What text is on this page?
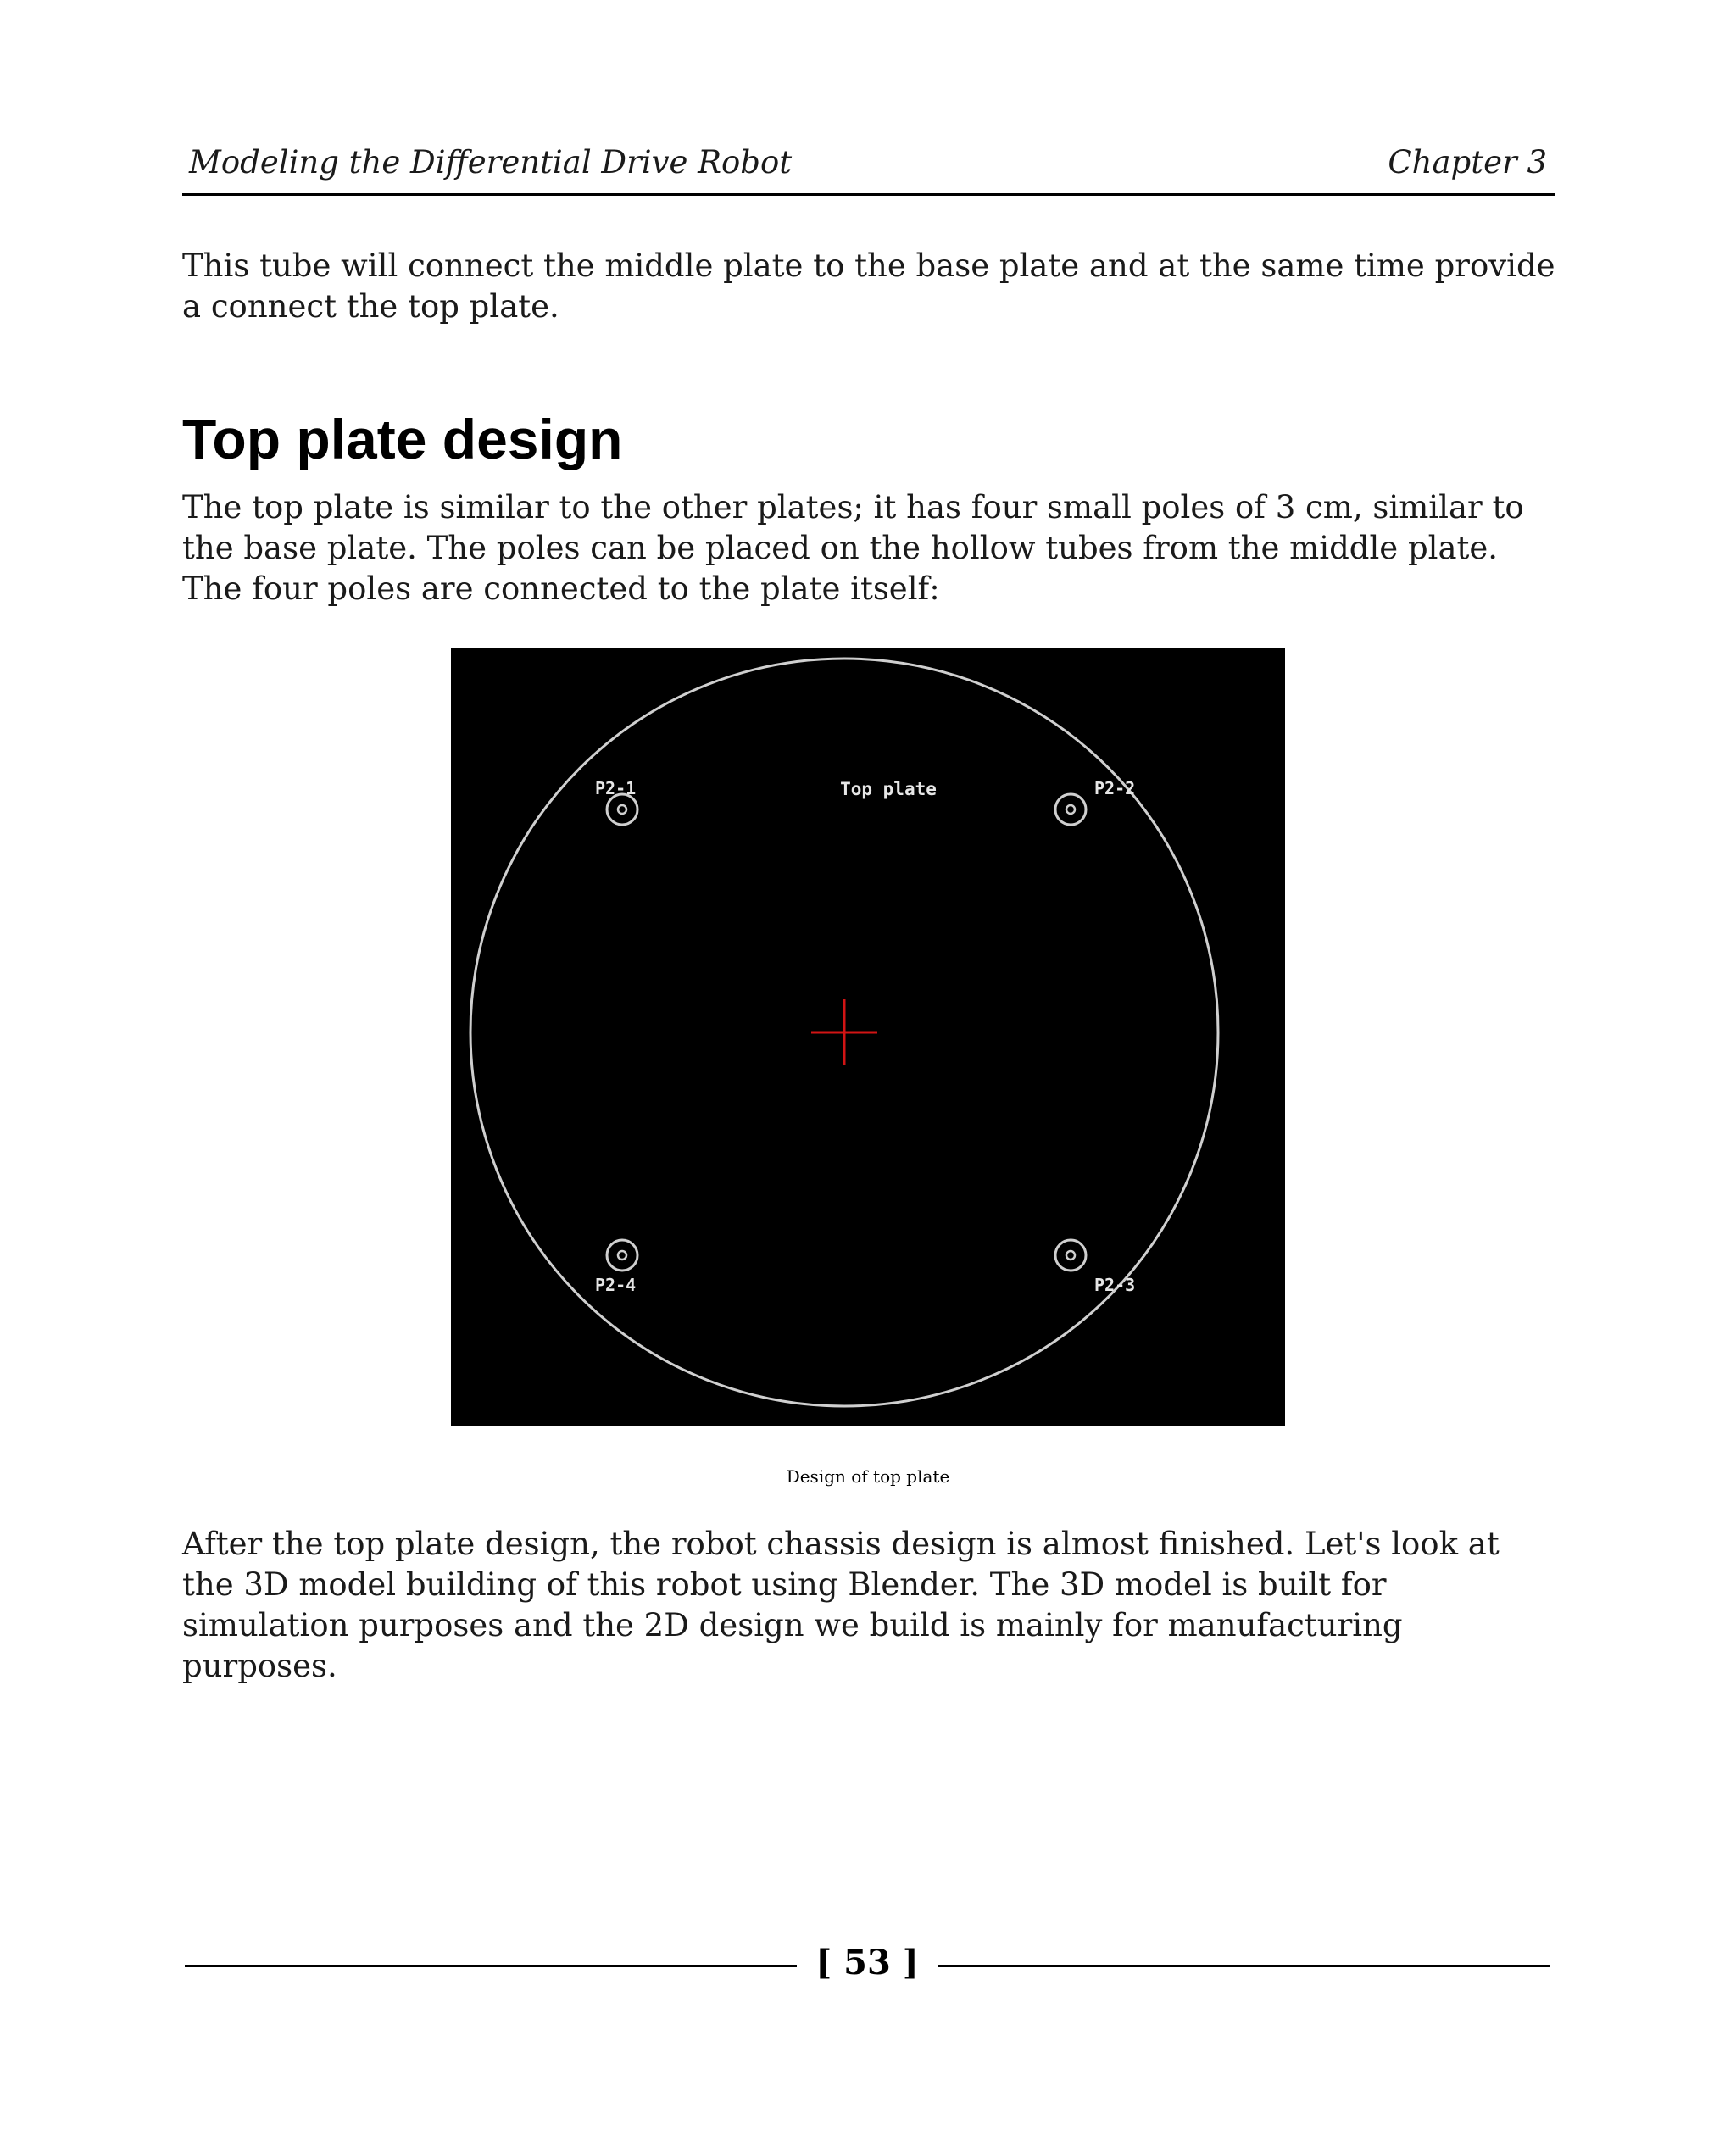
Modeling the Differential Drive Robot	Chapter 3

This tube will connect the middle plate to the base plate and at the same time provide a connect the top plate.

Top plate design

The top plate is similar to the other plates; it has four small poles of 3 cm, similar to the base plate. The poles can be placed on the hollow tubes from the middle plate. The four poles are connected to the plate itself:

Top plate
P2-1	P2-2
P2-4	P2-3
Design of top plate

After the top plate design, the robot chassis design is almost finished. Let's look at the 3D model building of this robot using Blender. The 3D model is built for simulation purposes and the 2D design we build is mainly for manufacturing purposes.

[ 53 ]
